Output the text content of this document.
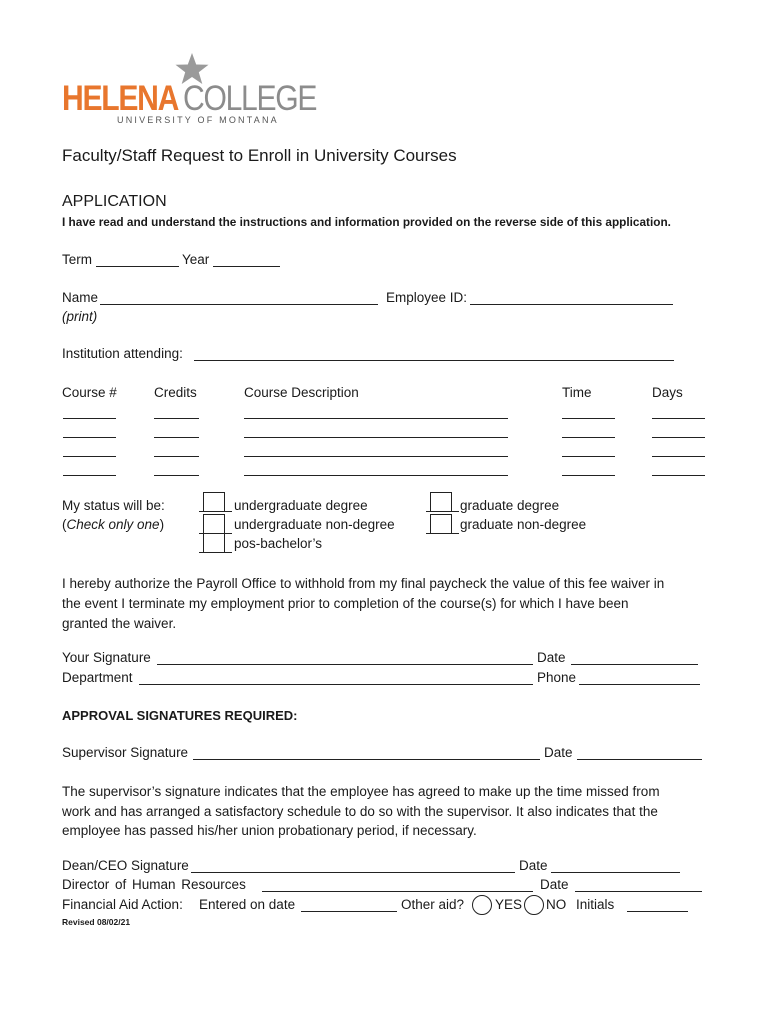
HELENA COLLEGE
UNIVERSITY OF MONTANA
Faculty/Staff Request to Enroll in University Courses
APPLICATION
I have read and understand the instructions and information provided on the reverse side of this application.
Term	Year
Name
(print)
Employee ID:
Institution attending:
Course #	Credits	Course Description	Time	Days
My status will be:
(Check only one)
undergraduate degree
undergraduate non-degree
pos-bachelor’s
graduate degree
graduate non-degree
I hereby authorize the Payroll Office to withhold from my final paycheck the value of this fee waiver in
the event I terminate my employment prior to completion of the course(s) for which I have been
granted the waiver.
Your Signature	Date
Department	Phone
APPROVAL SIGNATURES REQUIRED:
Supervisor Signature	Date
The supervisor’s signature indicates that the employee has agreed to make up the time missed from
work and has arranged a satisfactory schedule to do so with the supervisor. It also indicates that the
employee has passed his/her union probationary period, if necessary.
Dean/CEO Signature	Date
Director of Human Resources	Date
Financial Aid Action: Entered on date	Other aid? YES NO Initials
Revised 08/02/21
